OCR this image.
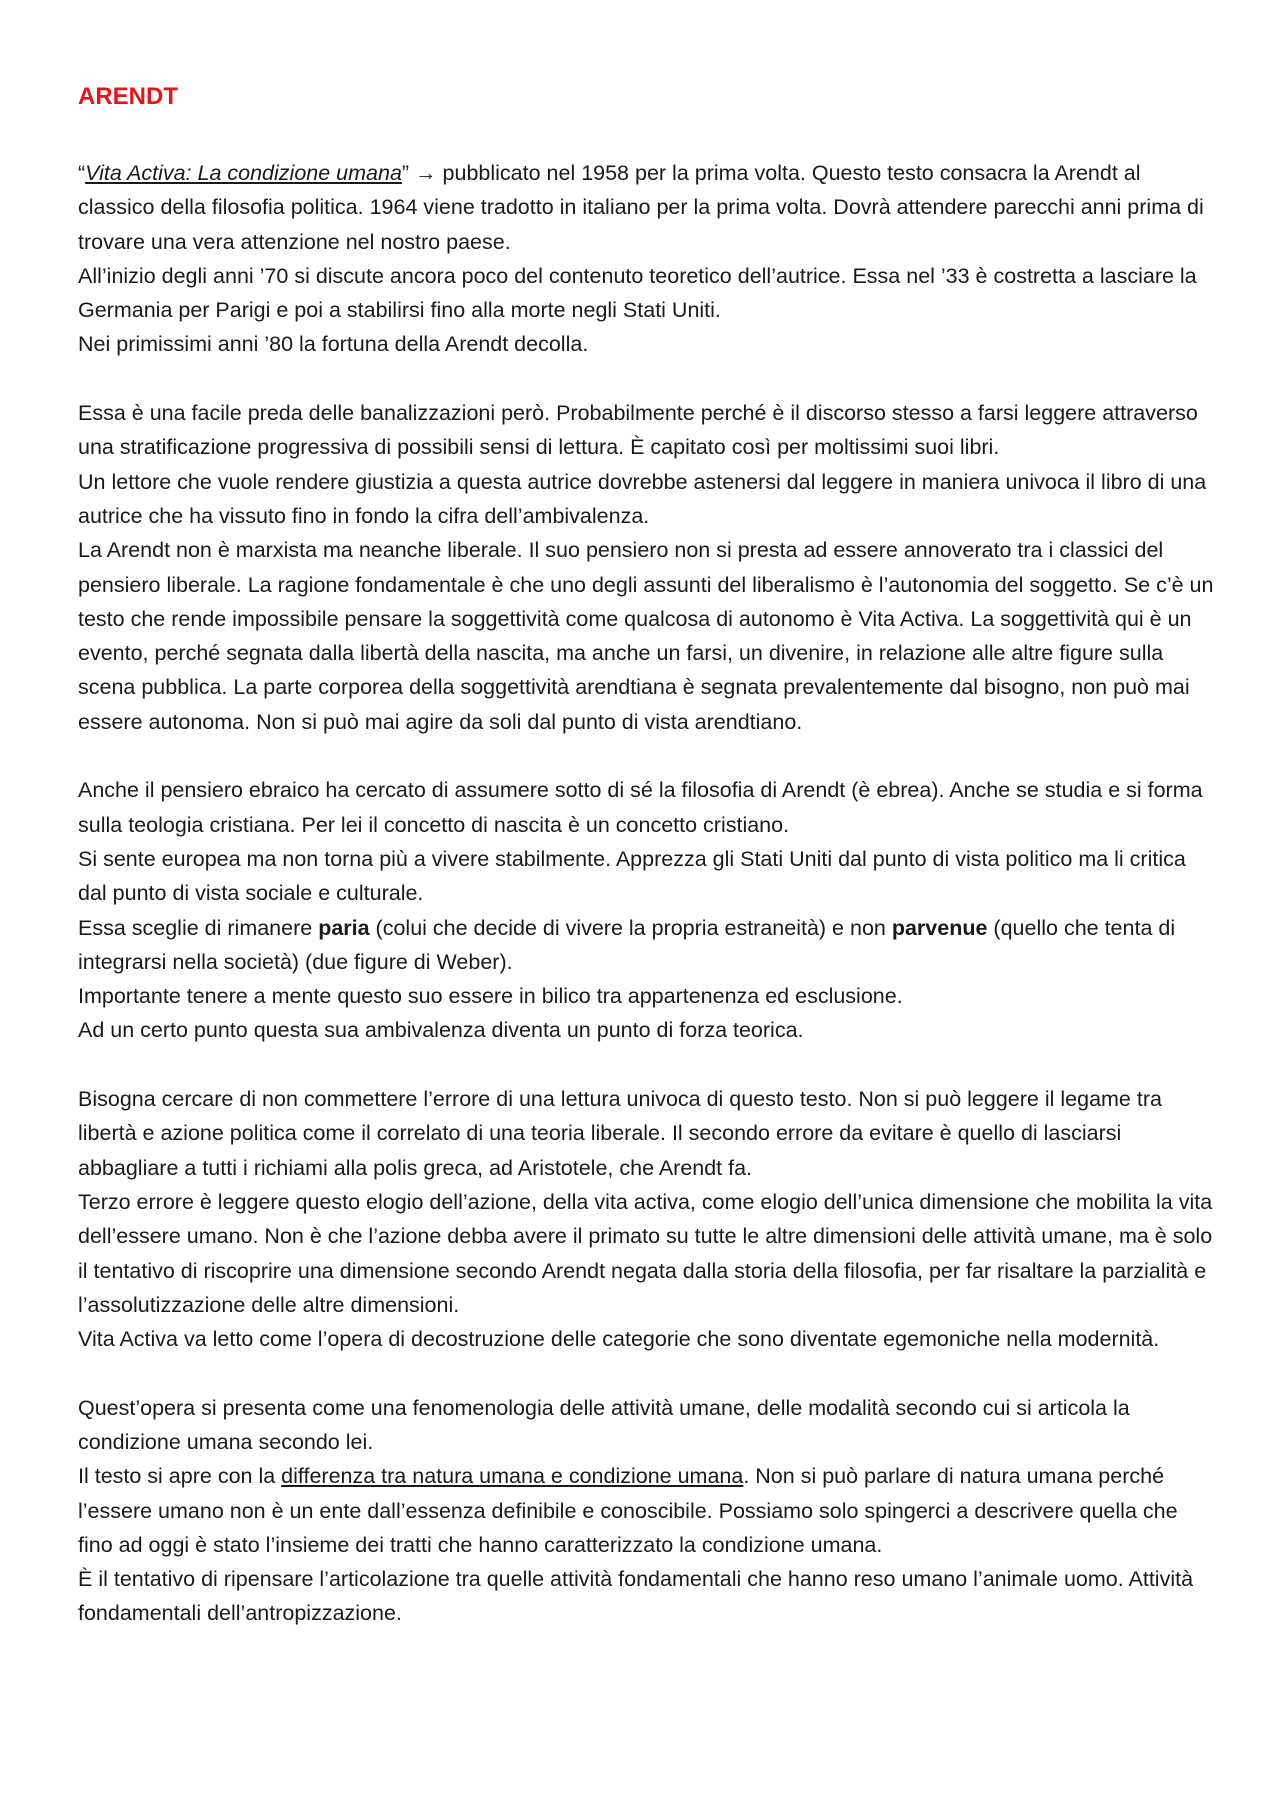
ARENDT

“Vita Activa: La condizione umana” → pubblicato nel 1958 per la prima volta. Questo testo consacra la Arendt al classico della filosofia politica. 1964 viene tradotto in italiano per la prima volta. Dovrà attendere parecchi anni prima di trovare una vera attenzione nel nostro paese.

All’inizio degli anni ’70 si discute ancora poco del contenuto teoretico dell’autrice. Essa nel ’33 è costretta a lasciare la Germania per Parigi e poi a stabilirsi fino alla morte negli Stati Uniti.

Nei primissimi anni ’80 la fortuna della Arendt decolla.

Essa è una facile preda delle banalizzazioni però. Probabilmente perché è il discorso stesso a farsi leggere attraverso una stratificazione progressiva di possibili sensi di lettura. È capitato così per moltissimi suoi libri.

Un lettore che vuole rendere giustizia a questa autrice dovrebbe astenersi dal leggere in maniera univoca il libro di una autrice che ha vissuto fino in fondo la cifra dell’ambivalenza.

La Arendt non è marxista ma neanche liberale. Il suo pensiero non si presta ad essere annoverato tra i classici del pensiero liberale. La ragione fondamentale è che uno degli assunti del liberalismo è l’autonomia del soggetto. Se c’è un testo che rende impossibile pensare la soggettività come qualcosa di autonomo è Vita Activa. La soggettività qui è un evento, perché segnata dalla libertà della nascita, ma anche un farsi, un divenire, in relazione alle altre figure sulla scena pubblica. La parte corporea della soggettività arendtiana è segnata prevalentemente dal bisogno, non può mai essere autonoma. Non si può mai agire da soli dal punto di vista arendtiano.

Anche il pensiero ebraico ha cercato di assumere sotto di sé la filosofia di Arendt (è ebrea). Anche se studia e si forma sulla teologia cristiana. Per lei il concetto di nascita è un concetto cristiano.

Si sente europea ma non torna più a vivere stabilmente. Apprezza gli Stati Uniti dal punto di vista politico ma li critica dal punto di vista sociale e culturale.

Essa sceglie di rimanere paria (colui che decide di vivere la propria estraneità) e non parvenue (quello che tenta di integrarsi nella società) (due figure di Weber).

Importante tenere a mente questo suo essere in bilico tra appartenenza ed esclusione.

Ad un certo punto questa sua ambivalenza diventa un punto di forza teorica.

Bisogna cercare di non commettere l’errore di una lettura univoca di questo testo. Non si può leggere il legame tra libertà e azione politica come il correlato di una teoria liberale. Il secondo errore da evitare è quello di lasciarsi abbagliare a tutti i richiami alla polis greca, ad Aristotele, che Arendt fa.

Terzo errore è leggere questo elogio dell’azione, della vita activa, come elogio dell’unica dimensione che mobilita la vita dell’essere umano. Non è che l’azione debba avere il primato su tutte le altre dimensioni delle attività umane, ma è solo il tentativo di riscoprire una dimensione secondo Arendt negata dalla storia della filosofia, per far risaltare la parzialità e l’assolutizzazione delle altre dimensioni.

Vita Activa va letto come l’opera di decostruzione delle categorie che sono diventate egemoniche nella modernità.

Quest’opera si presenta come una fenomenologia delle attività umane, delle modalità secondo cui si articola la condizione umana secondo lei.

Il testo si apre con la differenza tra natura umana e condizione umana. Non si può parlare di natura umana perché l’essere umano non è un ente dall’essenza definibile e conoscibile. Possiamo solo spingerci a descrivere quella che fino ad oggi è stato l’insieme dei tratti che hanno caratterizzato la condizione umana.

È il tentativo di ripensare l’articolazione tra quelle attività fondamentali che hanno reso umano l’animale uomo. Attività fondamentali dell’antropizzazione.
